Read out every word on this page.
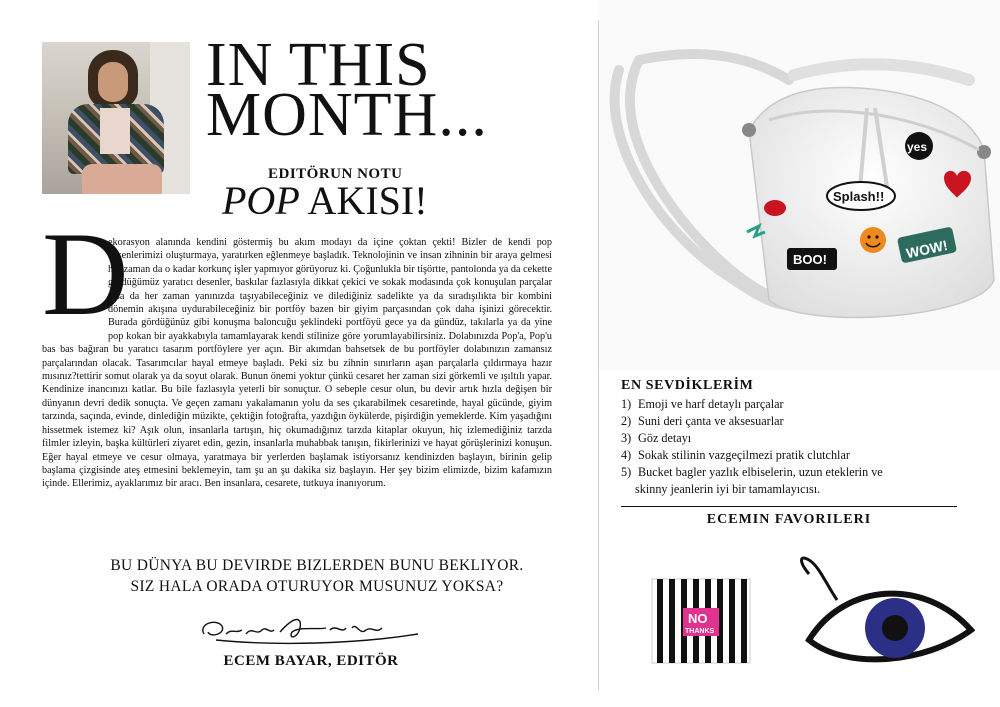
IN THIS
MONTH...
EDITÖRUN NOTU
POP AKISI!
D

ekorasyon alanında kendini göstermiş bu akım modayı da içine çoktan çekti! Bizler de kendi pop desenlerimizi oluşturmaya, yaratırken eğlenmeye başladık. Teknolojinin ve insan zihninin bir araya gelmesi her zaman da o kadar korkunç işler yapmıyor görüyoruz ki. Çoğunlukla bir tişörtte, pantolonda ya da cekette gördüğümüz yaratıcı desenler, baskılar fazlasıyla dikkat çekici ve sokak modasında çok konuşulan parçalar olsa da her zaman yanınızda taşıyabileceğiniz ve dilediğiniz sadelikte ya da sıradışılıkta bir kombini dönemin akışına uydurabileceğiniz bir portföy bazen bir giyim parçasından çok daha işinizi görecektir. Burada gördüğünüz gibi konuşma baloncuğu şeklindeki portföyü gece ya da gündüz, takılarla ya da yine pop kokan bir ayakkabıyla tamamlayarak kendi stilinize göre yorumlayabilirsiniz. Dolabınızda Pop'a, Pop'u bas bas bağıran bu yaratıcı tasarım portföylere yer açın. Bir akımdan bahsetsek de bu portföyler dolabınızın zamansız parçalarından olacak. Tasarımcılar hayal etmeye başladı. Peki siz bu zihnin sınırların aşan parçalarla çıldırmaya hazır mısınız?tettirir somut olarak ya da soyut olarak. Bunun önemi yoktur çünkü cesaret her zaman sizi görkemli ve ışıltılı yapar. Kendinize inancınızı katlar. Bu bile fazlasıyla yeterli bir sonuçtur. O sebeple cesur olun, bu devir artık hızla değişen bir dünyanın devri dedik sonuçta. Ve geçen zamanı yakalamanın yolu da ses çıkarabilmek cesaretinde, hayal gücünde, giyim tarzında, saçında, evinde, dinlediğin müzikte, çektiğin fotoğrafta, yazdığın öykülerde, pişirdiğin yemeklerde. Kim yaşadığını hissetmek istemez ki? Aşık olun, insanlarla tartışın, hiç okumadığınız tarzda kitaplar okuyun, hiç izlemediğiniz tarzda filmler izleyin, başka kültürleri ziyaret edin, gezin, insanlarla muhabbak tanışın, fikirlerinizi ve hayat görüşlerinizi konuşun. Eğer hayal etmeye ve cesur olmaya, yaratmaya bir yerlerden başlamak istiyorsanız kendinizden başlayın, birinin gelip başlama çizgisinde ateş etmesini beklemeyin, tam şu an şu dakika siz başlayın. Her şey bizim elimizde, bizim kafamızın içinde. Ellerimiz, ayaklarımız bir aracı. Ben insanlara, cesarete, tutkuya inanıyorum.

BU DÜNYA BU DEVIRDE BIZLERDEN BUNU BEKLIYOR.
SIZ HALA ORADA OTURUYOR MUSUNUZ YOKSA?

ECEM BAYAR, EDITÖR
yes
Splash!!
WOW!
BOO!
EN SEVDİKLERİM
1) Emoji ve harf detaylı parçalar
2) Suni deri çanta ve aksesuarlar
3) Göz detayı
4) Sokak stilinin vazgeçilmezi pratik clutchlar
5) Bucket bagler yazlık elbiselerin, uzun eteklerin ve
skinny jeanlerin iyi bir tamamlayıcısı.
ECEMIN FAVORILERI
NO
THANKS
